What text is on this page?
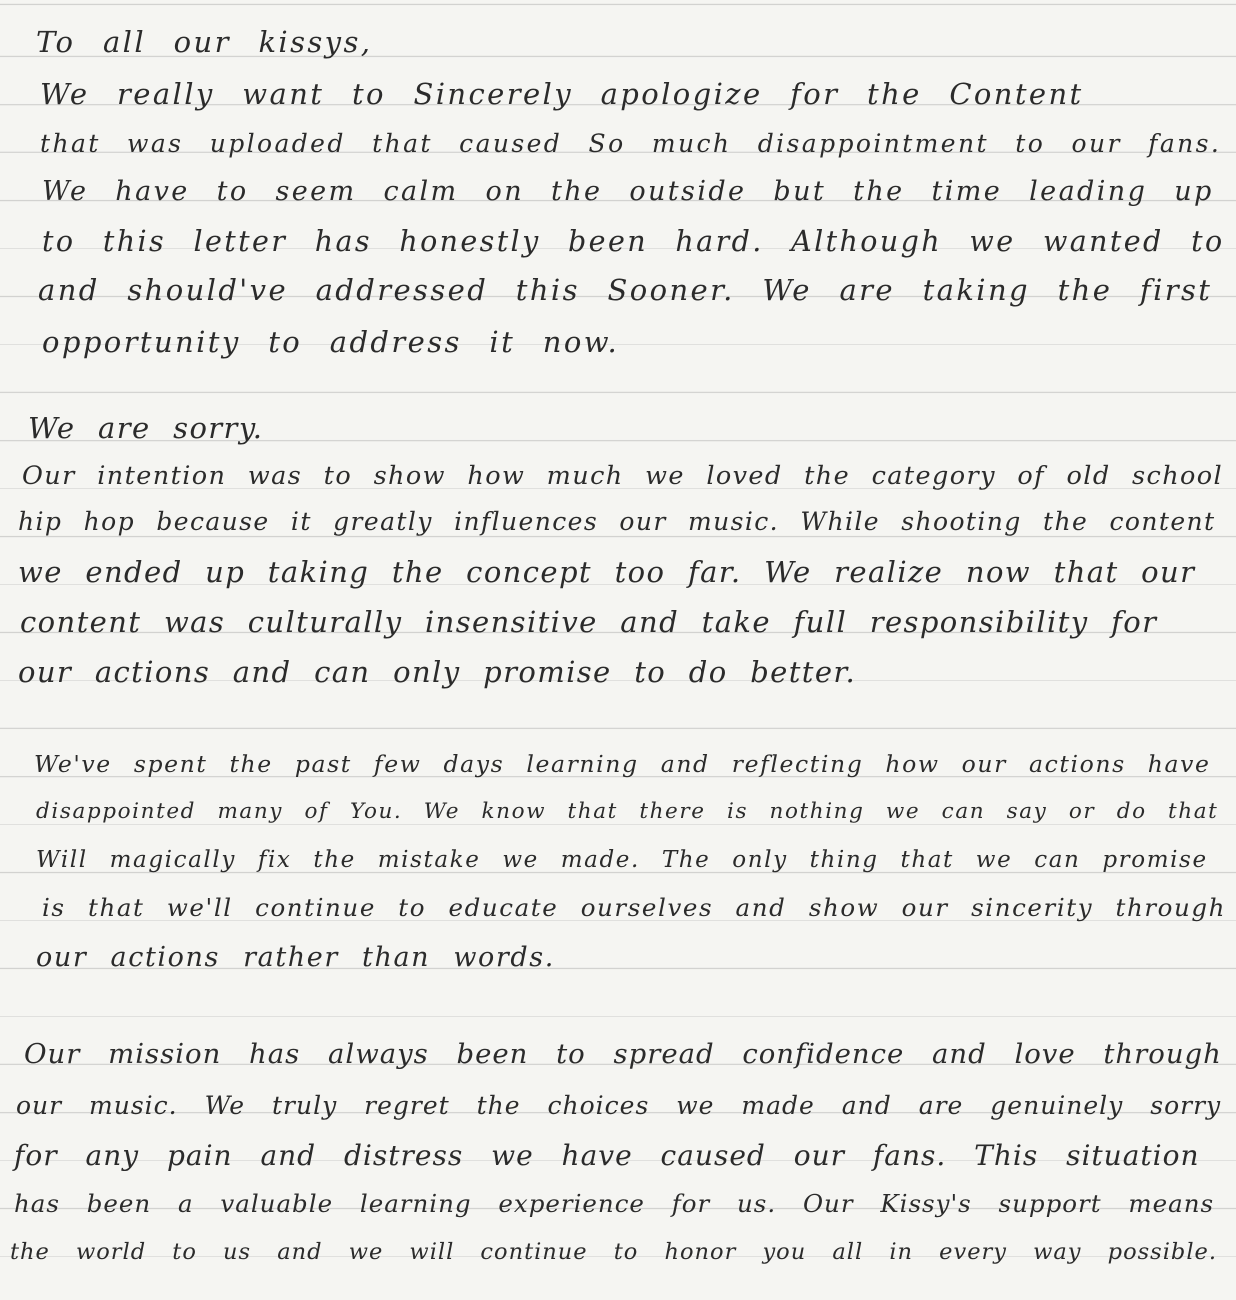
To all our kissys,
We really want to Sincerely apologize for the Content
that was uploaded that caused So much disappointment to our fans.
We have to seem calm on the outside but the time leading up
to this letter has honestly been hard. Although we wanted to
and should've addressed this Sooner. We are taking the first
opportunity to address it now.
We are sorry.
Our intention was to show how much we loved the category of old school
hip hop because it greatly influences our music. While shooting the content
we ended up taking the concept too far. We realize now that our
content was culturally insensitive and take full responsibility for
our actions and can only promise to do better.
We've spent the past few days learning and reflecting how our actions have
disappointed many of You. We know that there is nothing we can say or do that
Will magically fix the mistake we made. The only thing that we can promise
is that we'll continue to educate ourselves and show our sincerity through
our actions rather than words.
Our mission has always been to spread confidence and love through
our music. We truly regret the choices we made and are genuinely sorry
for any pain and distress we have caused our fans. This situation
has been a valuable learning experience for us. Our Kissy's support means
the world to us and we will continue to honor you all in every way possible.
